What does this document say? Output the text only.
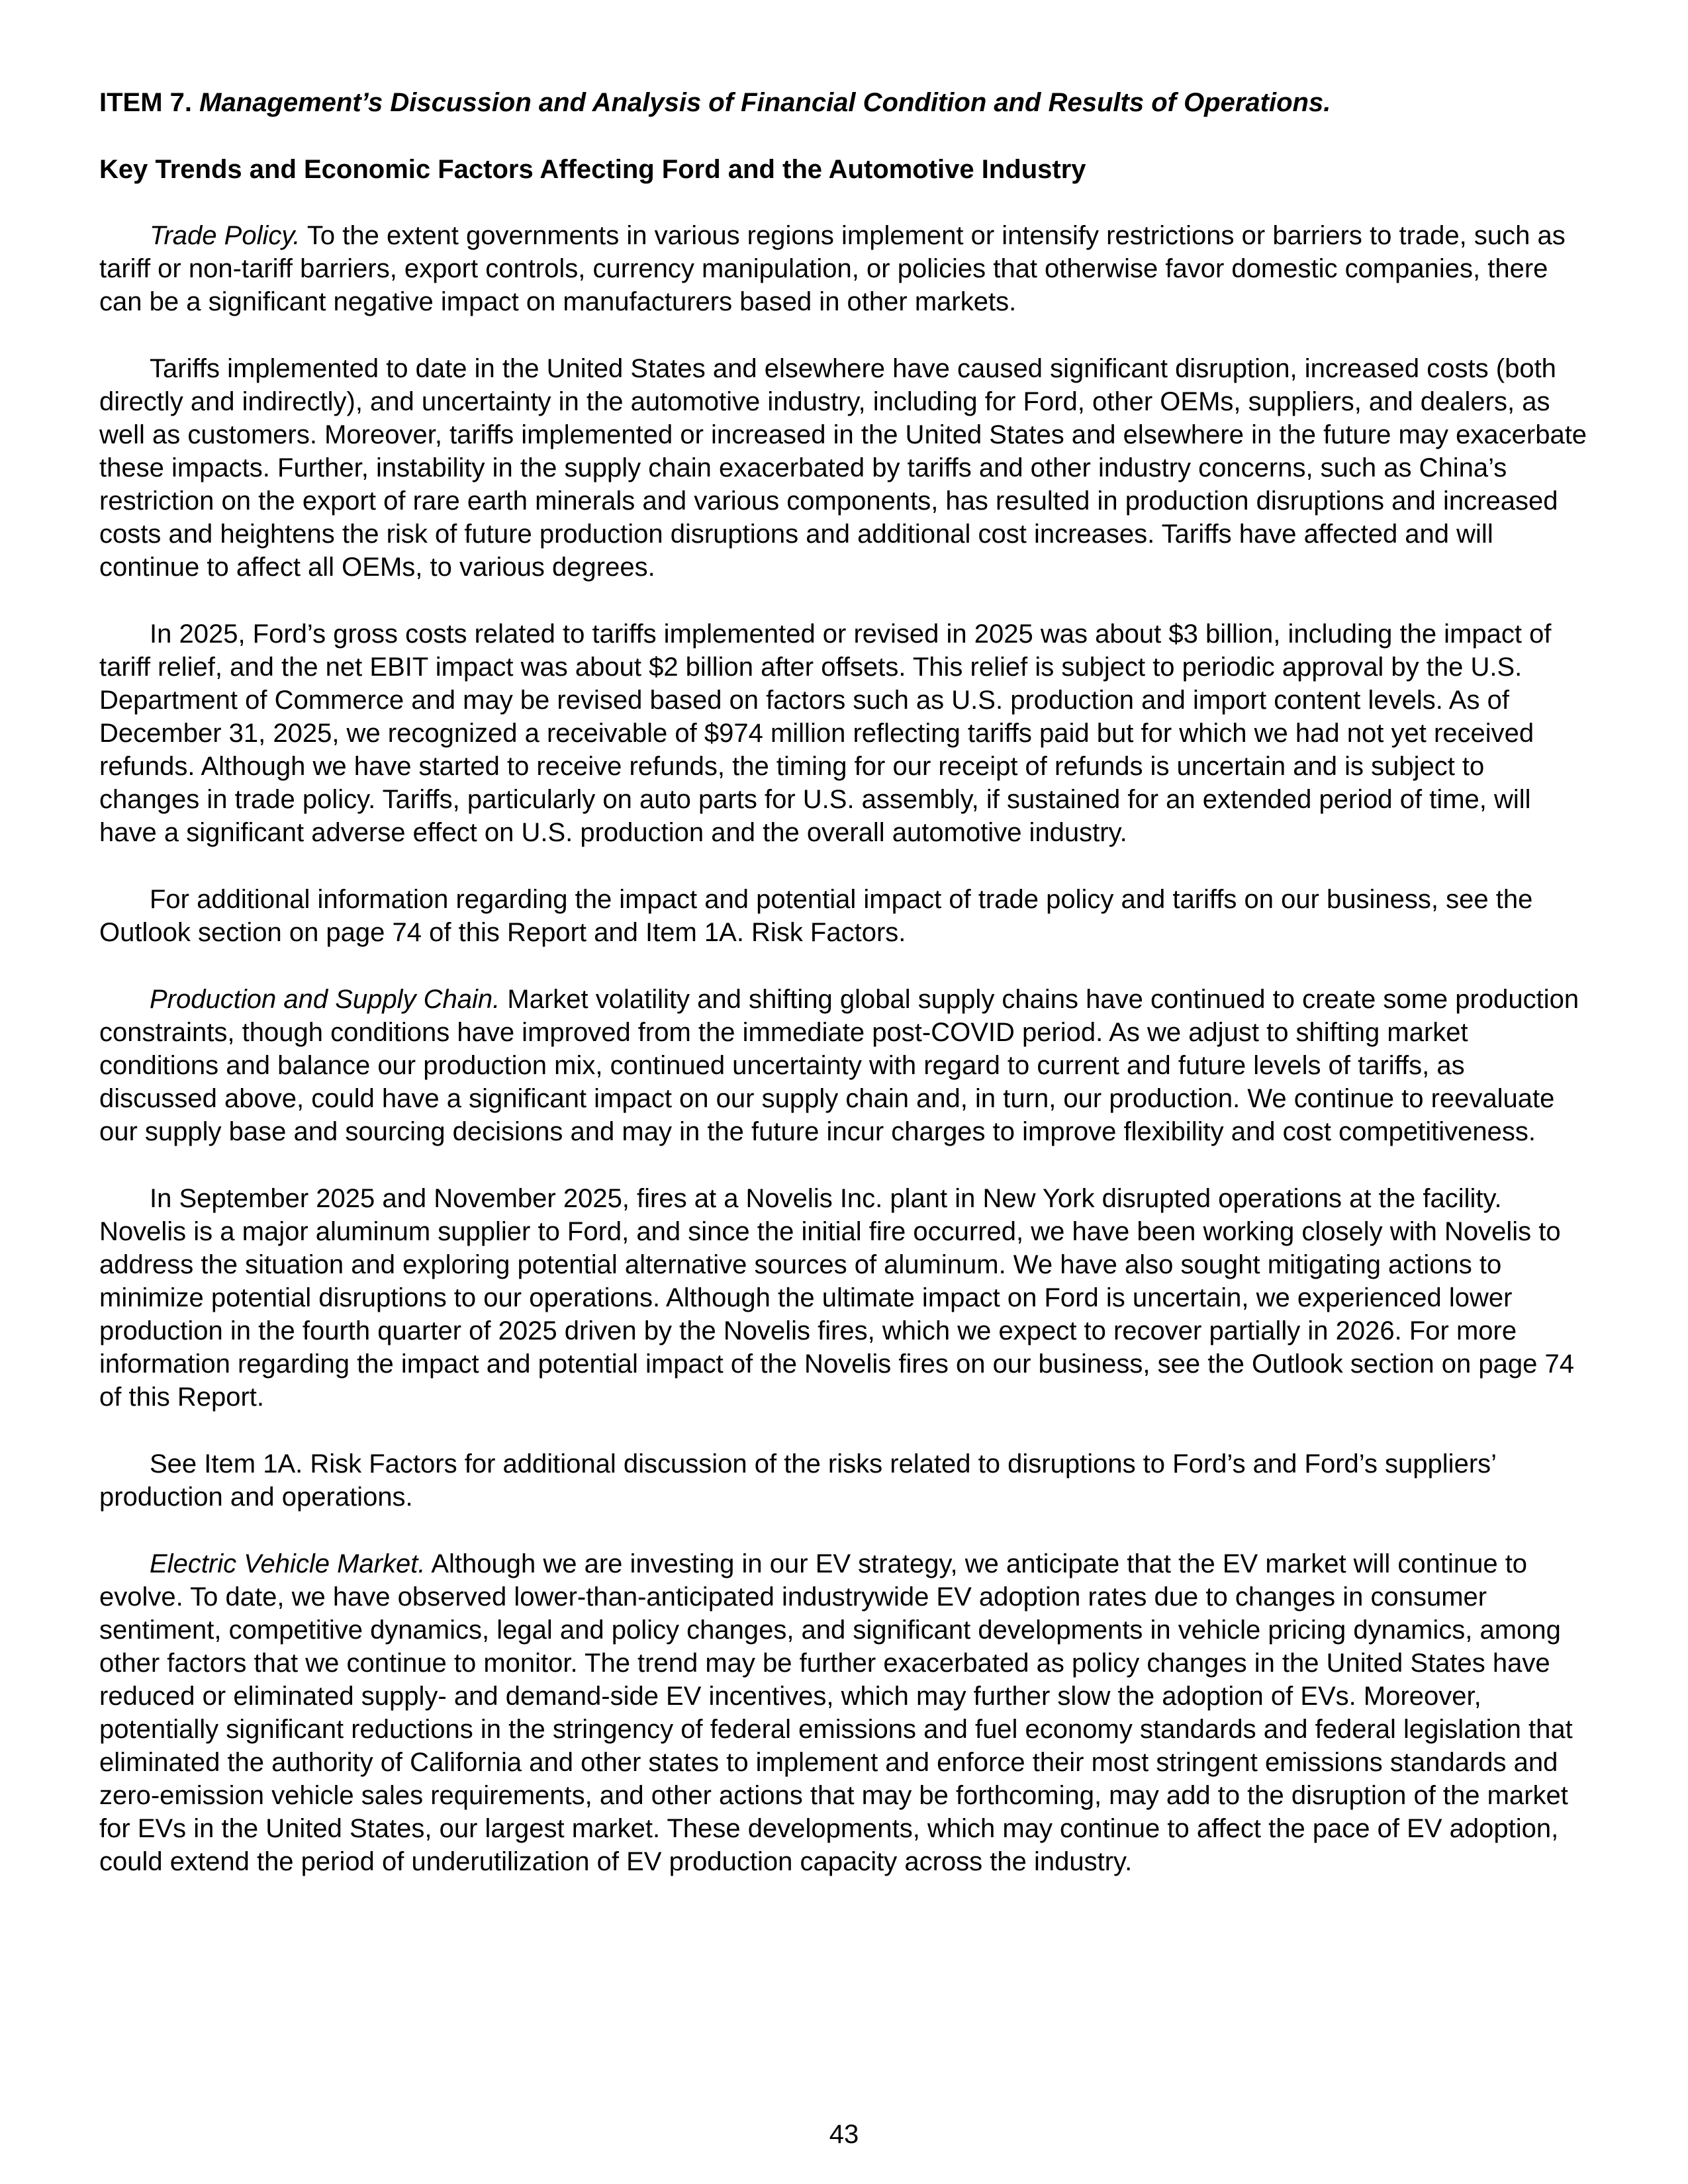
ITEM 7. Management’s Discussion and Analysis of Financial Condition and Results of Operations.
Key Trends and Economic Factors Affecting Ford and the Automotive Industry

Trade Policy. To the extent governments in various regions implement or intensify restrictions or barriers to trade, such as tariff or non-tariff barriers, export controls, currency manipulation, or policies that otherwise favor domestic companies, there can be a significant negative impact on manufacturers based in other markets.

Tariffs implemented to date in the United States and elsewhere have caused significant disruption, increased costs (both directly and indirectly), and uncertainty in the automotive industry, including for Ford, other OEMs, suppliers, and dealers, as well as customers. Moreover, tariffs implemented or increased in the United States and elsewhere in the future may exacerbate these impacts. Further, instability in the supply chain exacerbated by tariffs and other industry concerns, such as China’s restriction on the export of rare earth minerals and various components, has resulted in production disruptions and increased costs and heightens the risk of future production disruptions and additional cost increases. Tariffs have affected and will continue to affect all OEMs, to various degrees.

In 2025, Ford’s gross costs related to tariffs implemented or revised in 2025 was about $3 billion, including the impact of tariff relief, and the net EBIT impact was about $2 billion after offsets. This relief is subject to periodic approval by the U.S. Department of Commerce and may be revised based on factors such as U.S. production and import content levels. As of December 31, 2025, we recognized a receivable of $974 million reflecting tariffs paid but for which we had not yet received refunds. Although we have started to receive refunds, the timing for our receipt of refunds is uncertain and is subject to changes in trade policy. Tariffs, particularly on auto parts for U.S. assembly, if sustained for an extended period of time, will have a significant adverse effect on U.S. production and the overall automotive industry.

For additional information regarding the impact and potential impact of trade policy and tariffs on our business, see the Outlook section on page 74 of this Report and Item 1A. Risk Factors.

Production and Supply Chain. Market volatility and shifting global supply chains have continued to create some production constraints, though conditions have improved from the immediate post-COVID period. As we adjust to shifting market conditions and balance our production mix, continued uncertainty with regard to current and future levels of tariffs, as discussed above, could have a significant impact on our supply chain and, in turn, our production. We continue to reevaluate our supply base and sourcing decisions and may in the future incur charges to improve flexibility and cost competitiveness.

In September 2025 and November 2025, fires at a Novelis Inc. plant in New York disrupted operations at the facility. Novelis is a major aluminum supplier to Ford, and since the initial fire occurred, we have been working closely with Novelis to address the situation and exploring potential alternative sources of aluminum. We have also sought mitigating actions to minimize potential disruptions to our operations. Although the ultimate impact on Ford is uncertain, we experienced lower production in the fourth quarter of 2025 driven by the Novelis fires, which we expect to recover partially in 2026. For more information regarding the impact and potential impact of the Novelis fires on our business, see the Outlook section on page 74 of this Report.

See Item 1A. Risk Factors for additional discussion of the risks related to disruptions to Ford’s and Ford’s suppliers’ production and operations.

Electric Vehicle Market. Although we are investing in our EV strategy, we anticipate that the EV market will continue to evolve. To date, we have observed lower-than-anticipated industrywide EV adoption rates due to changes in consumer sentiment, competitive dynamics, legal and policy changes, and significant developments in vehicle pricing dynamics, among other factors that we continue to monitor. The trend may be further exacerbated as policy changes in the United States have reduced or eliminated supply- and demand-side EV incentives, which may further slow the adoption of EVs. Moreover, potentially significant reductions in the stringency of federal emissions and fuel economy standards and federal legislation that eliminated the authority of California and other states to implement and enforce their most stringent emissions standards and zero-emission vehicle sales requirements, and other actions that may be forthcoming, may add to the disruption of the market for EVs in the United States, our largest market. These developments, which may continue to affect the pace of EV adoption, could extend the period of underutilization of EV production capacity across the industry.

43
